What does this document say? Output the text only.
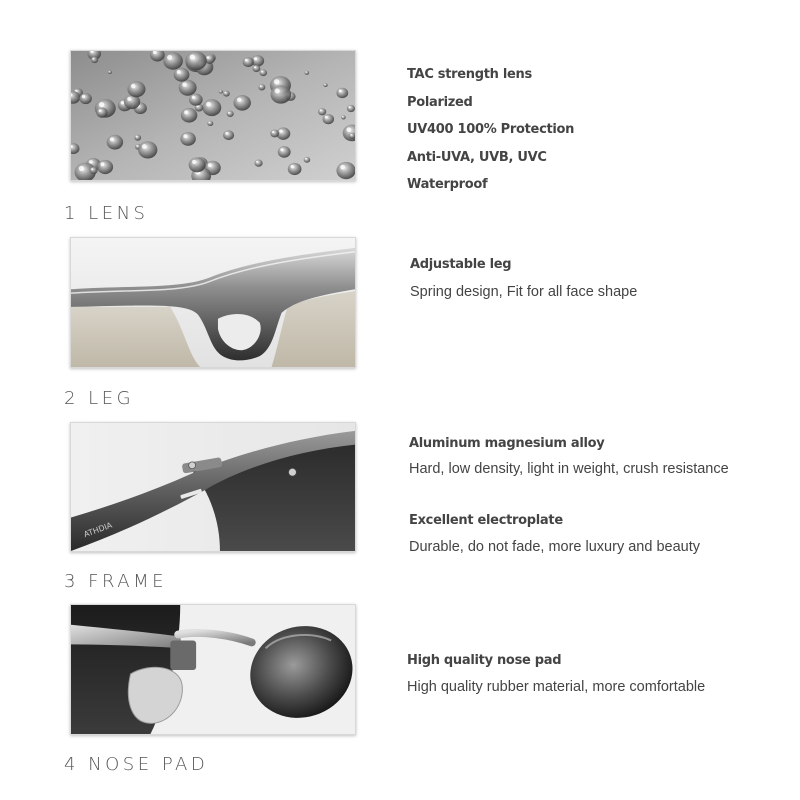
1 LENS
TAC strength lens
Polarized
UV400 100% Protection
Anti-UVA, UVB, UVC
Waterproof
2 LEG
Adjustable leg
Spring design, Fit for all face shape
ATHDIA
3 FRAME
Aluminum magnesium alloy
Hard, low density, light in weight, crush resistance
Excellent electroplate
Durable, do not fade, more luxury and beauty
4 NOSE PAD
High quality nose pad
High quality rubber material, more comfortable
